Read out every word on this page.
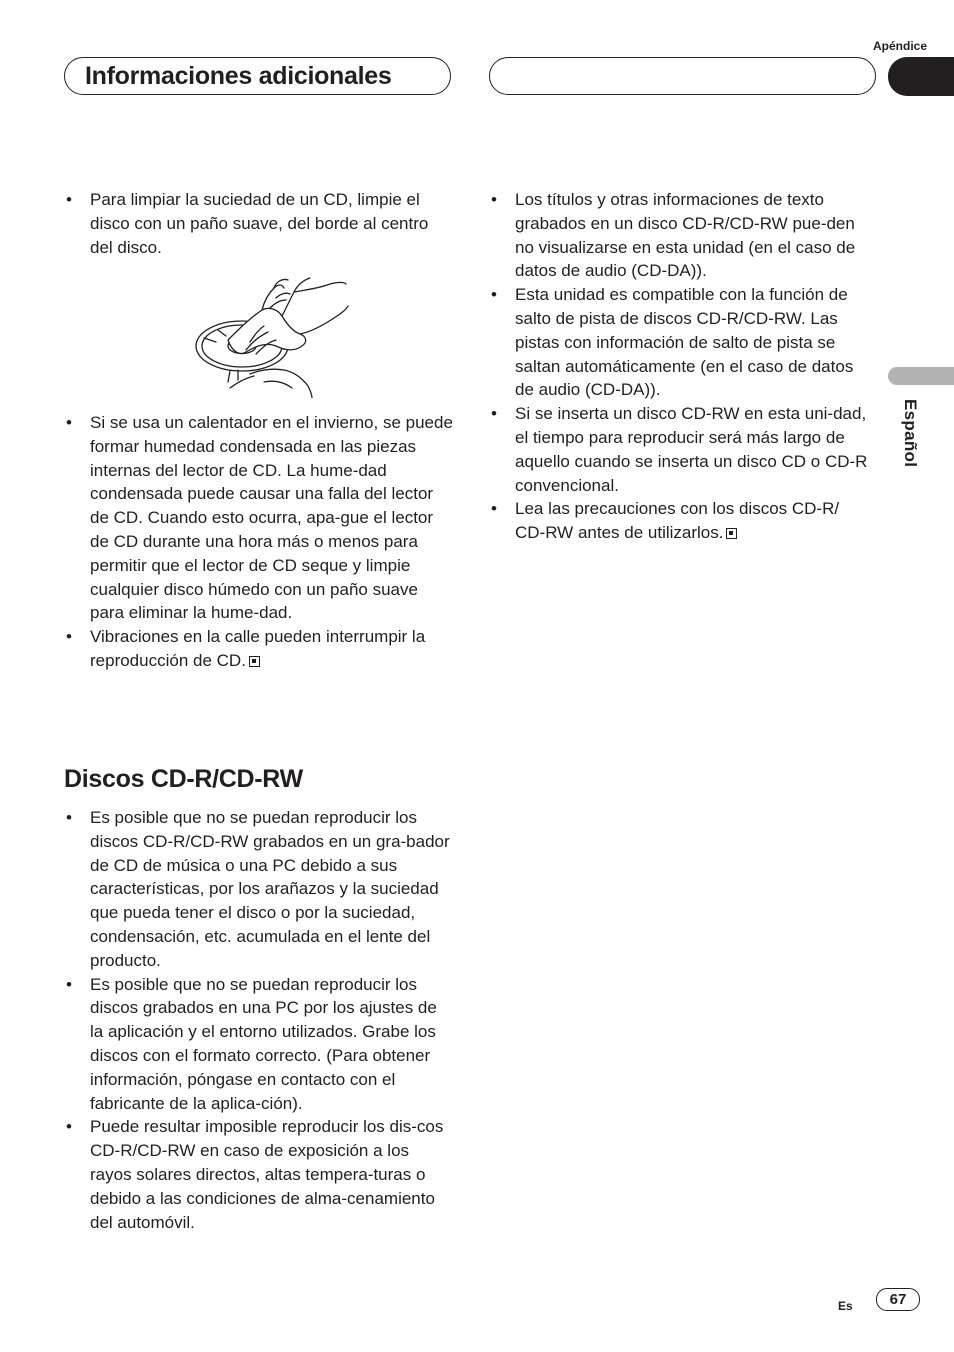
Apéndice
Informaciones adicionales
Español
• Para limpiar la suciedad de un CD, limpie el disco con un paño suave, del borde al centro del disco.
• Si se usa un calentador en el invierno, se puede formar humedad condensada en las piezas internas del lector de CD. La hume-dad condensada puede causar una falla del lector de CD. Cuando esto ocurra, apa-gue el lector de CD durante una hora más o menos para permitir que el lector de CD seque y limpie cualquier disco húmedo con un paño suave para eliminar la hume-dad.
• Vibraciones en la calle pueden interrumpir la reproducción de CD.
Discos CD-R/CD-RW
• Es posible que no se puedan reproducir los discos CD-R/CD-RW grabados en un gra-bador de CD de música o una PC debido a sus características, por los arañazos y la suciedad que pueda tener el disco o por la suciedad, condensación, etc. acumulada en el lente del producto.
• Es posible que no se puedan reproducir los discos grabados en una PC por los ajustes de la aplicación y el entorno utilizados. Grabe los discos con el formato correcto. (Para obtener información, póngase en contacto con el fabricante de la aplica-ción).
• Puede resultar imposible reproducir los dis-cos CD-R/CD-RW en caso de exposición a los rayos solares directos, altas tempera-turas o debido a las condiciones de alma-cenamiento del automóvil.
• Los títulos y otras informaciones de texto grabados en un disco CD-R/CD-RW pue-den no visualizarse en esta unidad (en el caso de datos de audio (CD-DA)).
• Esta unidad es compatible con la función de salto de pista de discos CD-R/CD-RW. Las pistas con información de salto de pista se saltan automáticamente (en el caso de datos de audio (CD-DA)).
• Si se inserta un disco CD-RW en esta uni-dad, el tiempo para reproducir será más largo de aquello cuando se inserta un disco CD o CD-R convencional.
• Lea las precauciones con los discos CD-R/ CD-RW antes de utilizarlos.
Es	67
